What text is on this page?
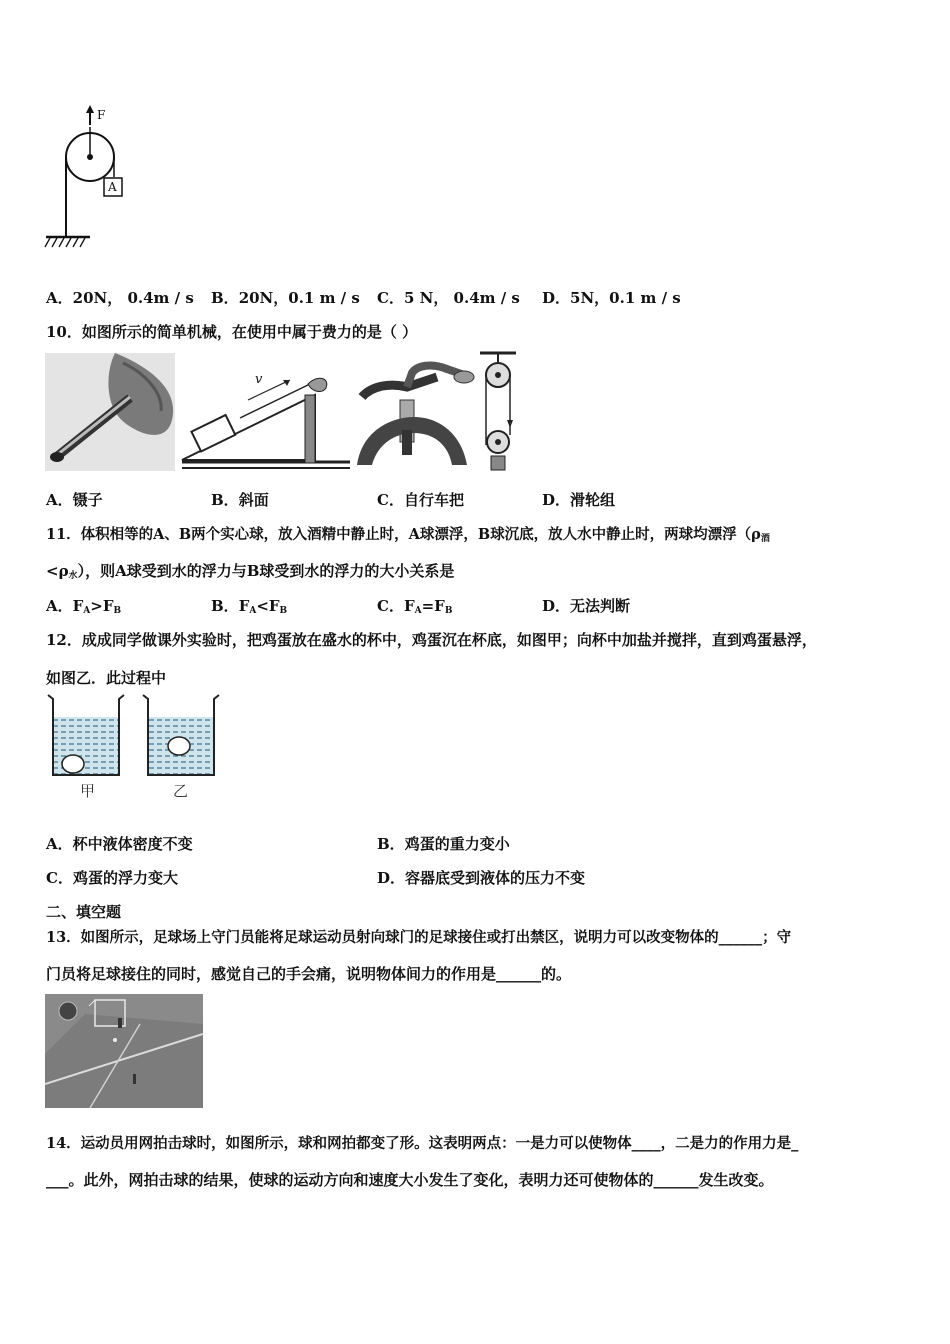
F
A
A．20N， 0.4m / s B．20N，0.1 m / s C．5 N， 0.4m / s D．5N，0.1 m / s
10．如图所示的简单机械，在使用中属于费力的是（ ）
v
A．镊子	B．斜面	C．自行车把	D．滑轮组
11．体积相等的A、B两个实心球，放入酒精中静止时，A球漂浮，B球沉底，放人水中静止时，两球均漂浮（$\rho_酒$
$<\rho_水$），则A球受到水的浮力与B球受到水的浮力的大小关系是
A．$F_A>F_B$	B．$F_A<F_B$	C．$F_A=F_B$	D．无法判断
12．成成同学做课外实验时，把鸡蛋放在盛水的杯中，鸡蛋沉在杯底，如图甲；向杯中加盐并搅拌，直到鸡蛋悬浮，
如图乙．此过程中
甲	乙
A．杯中液体密度不变	B．鸡蛋的重力变小
C．鸡蛋的浮力变大	D．容器底受到液体的压力不变
二、填空题
13．如图所示，足球场上守门员能将足球运动员射向球门的足球接住或打出禁区，说明力可以改变物体的______；守
门员将足球接住的同时，感觉自己的手会痛，说明物体间力的作用是______的。
14．运动员用网拍击球时，如图所示，球和网拍都变了形。这表明两点：一是力可以使物体____，二是力的作用力是_
___。此外，网拍击球的结果，使球的运动方向和速度大小发生了变化，表明力还可使物体的______发生改变。
